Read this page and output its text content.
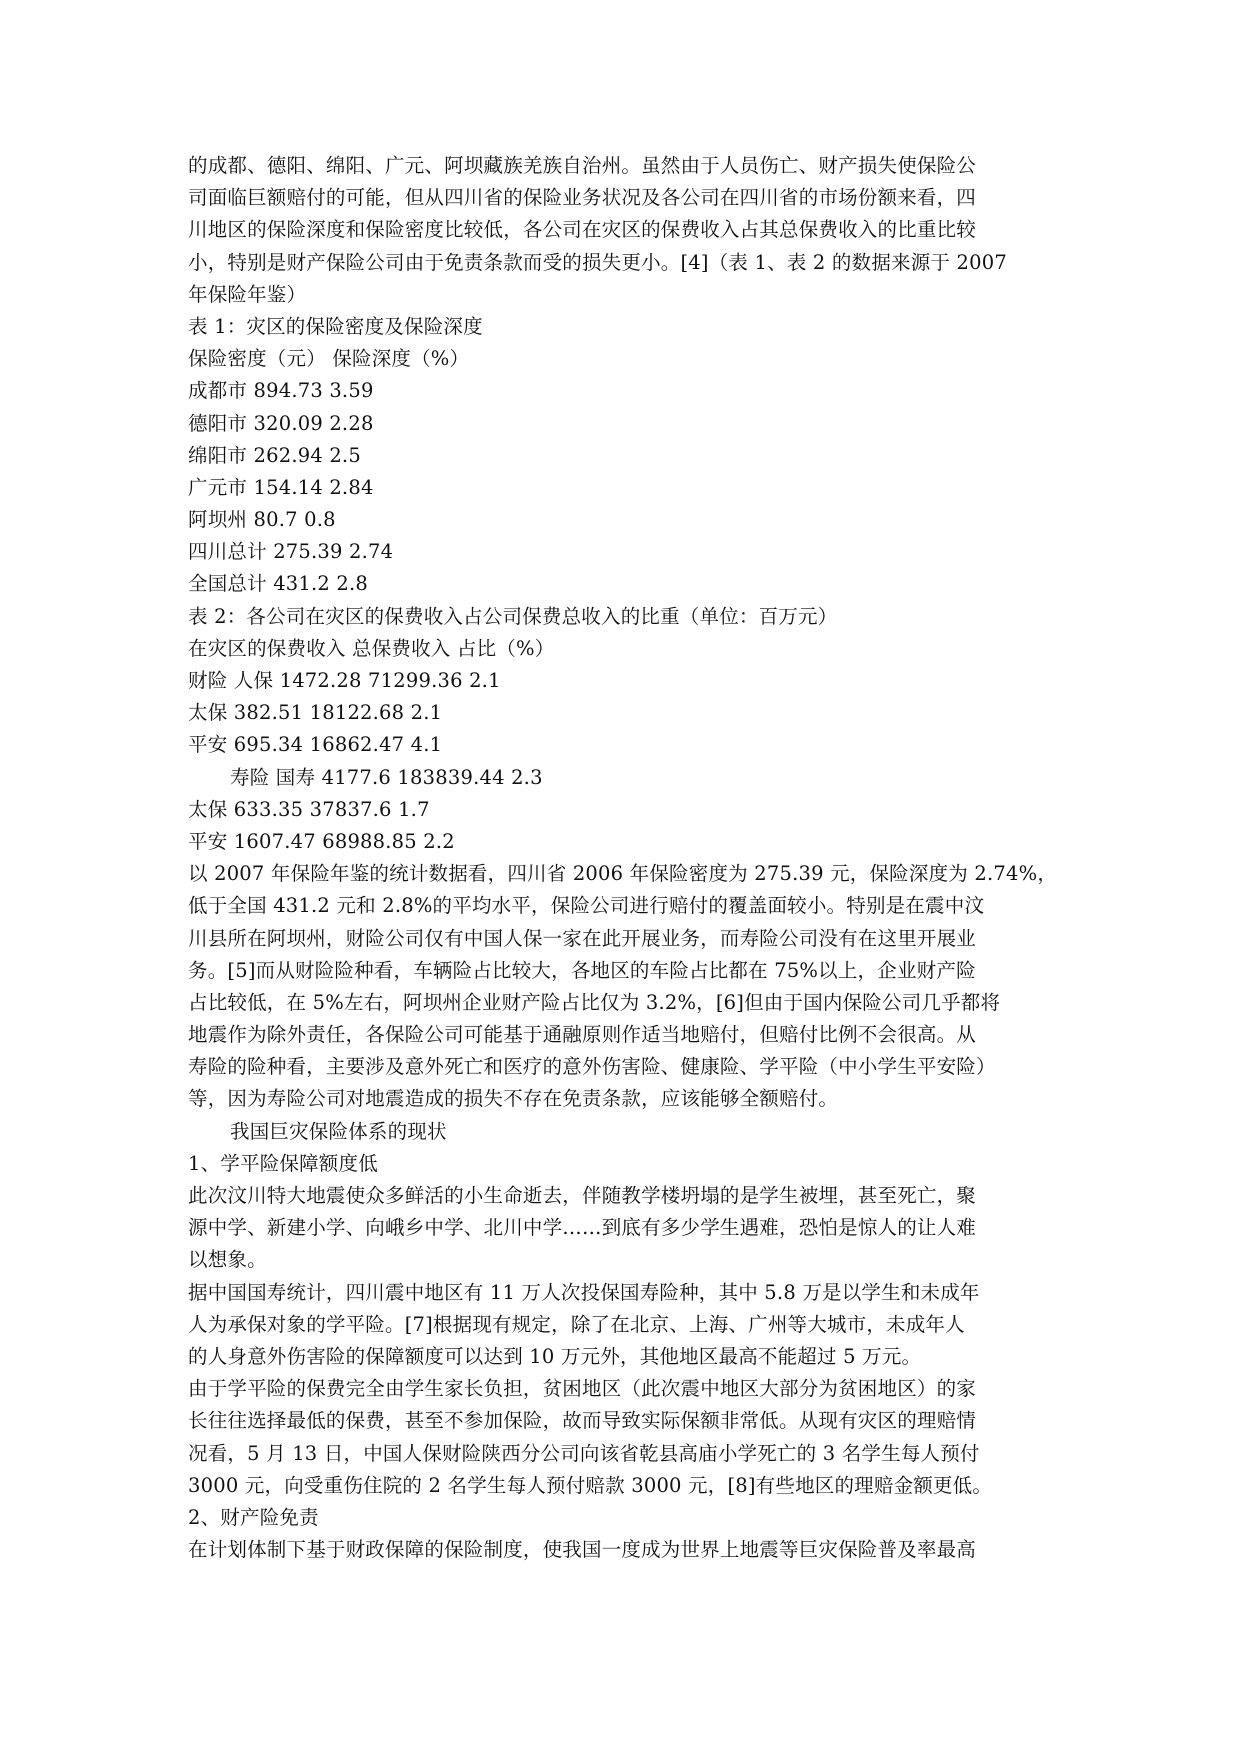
的成都、德阳、绵阳、广元、阿坝藏族羌族自治州。虽然由于人员伤亡、财产损失使保险公
司面临巨额赔付的可能，但从四川省的保险业务状况及各公司在四川省的市场份额来看，四
川地区的保险深度和保险密度比较低，各公司在灾区的保费收入占其总保费收入的比重比较
小，特别是财产保险公司由于免责条款而受的损失更小。[4]（表 1、表 2 的数据来源于 2007
年保险年鉴）
表 1：灾区的保险密度及保险深度
保险密度（元） 保险深度（%）
成都市 894.73 3.59
德阳市 320.09 2.28
绵阳市 262.94 2.5
广元市 154.14 2.84
阿坝州 80.7 0.8
四川总计 275.39 2.74
全国总计 431.2 2.8
表 2：各公司在灾区的保费收入占公司保费总收入的比重（单位：百万元）
在灾区的保费收入 总保费收入 占比（%）
财险 人保 1472.28 71299.36 2.1
太保 382.51 18122.68 2.1
平安 695.34 16862.47 4.1
寿险 国寿 4177.6 183839.44 2.3
太保 633.35 37837.6 1.7
平安 1607.47 68988.85 2.2
以 2007 年保险年鉴的统计数据看，四川省 2006 年保险密度为 275.39 元，保险深度为 2.74%，
低于全国 431.2 元和 2.8%的平均水平，保险公司进行赔付的覆盖面较小。特别是在震中汶
川县所在阿坝州，财险公司仅有中国人保一家在此开展业务，而寿险公司没有在这里开展业
务。[5]而从财险险种看，车辆险占比较大，各地区的车险占比都在 75%以上，企业财产险
占比较低，在 5%左右，阿坝州企业财产险占比仅为 3.2%，[6]但由于国内保险公司几乎都将
地震作为除外责任，各保险公司可能基于通融原则作适当地赔付，但赔付比例不会很高。从
寿险的险种看，主要涉及意外死亡和医疗的意外伤害险、健康险、学平险（中小学生平安险）
等，因为寿险公司对地震造成的损失不存在免责条款，应该能够全额赔付。
我国巨灾保险体系的现状
1、学平险保障额度低
此次汶川特大地震使众多鲜活的小生命逝去，伴随教学楼坍塌的是学生被埋，甚至死亡，聚
源中学、新建小学、向峨乡中学、北川中学……到底有多少学生遇难，恐怕是惊人的让人难
以想象。
据中国国寿统计，四川震中地区有 11 万人次投保国寿险种，其中 5.8 万是以学生和未成年
人为承保对象的学平险。[7]根据现有规定，除了在北京、上海、广州等大城市，未成年人
的人身意外伤害险的保障额度可以达到 10 万元外，其他地区最高不能超过 5 万元。
由于学平险的保费完全由学生家长负担，贫困地区（此次震中地区大部分为贫困地区）的家
长往往选择最低的保费，甚至不参加保险，故而导致实际保额非常低。从现有灾区的理赔情
况看，5 月 13 日，中国人保财险陕西分公司向该省乾县高庙小学死亡的 3 名学生每人预付
3000 元，向受重伤住院的 2 名学生每人预付赔款 3000 元，[8]有些地区的理赔金额更低。
2、财产险免责
在计划体制下基于财政保障的保险制度，使我国一度成为世界上地震等巨灾保险普及率最高
